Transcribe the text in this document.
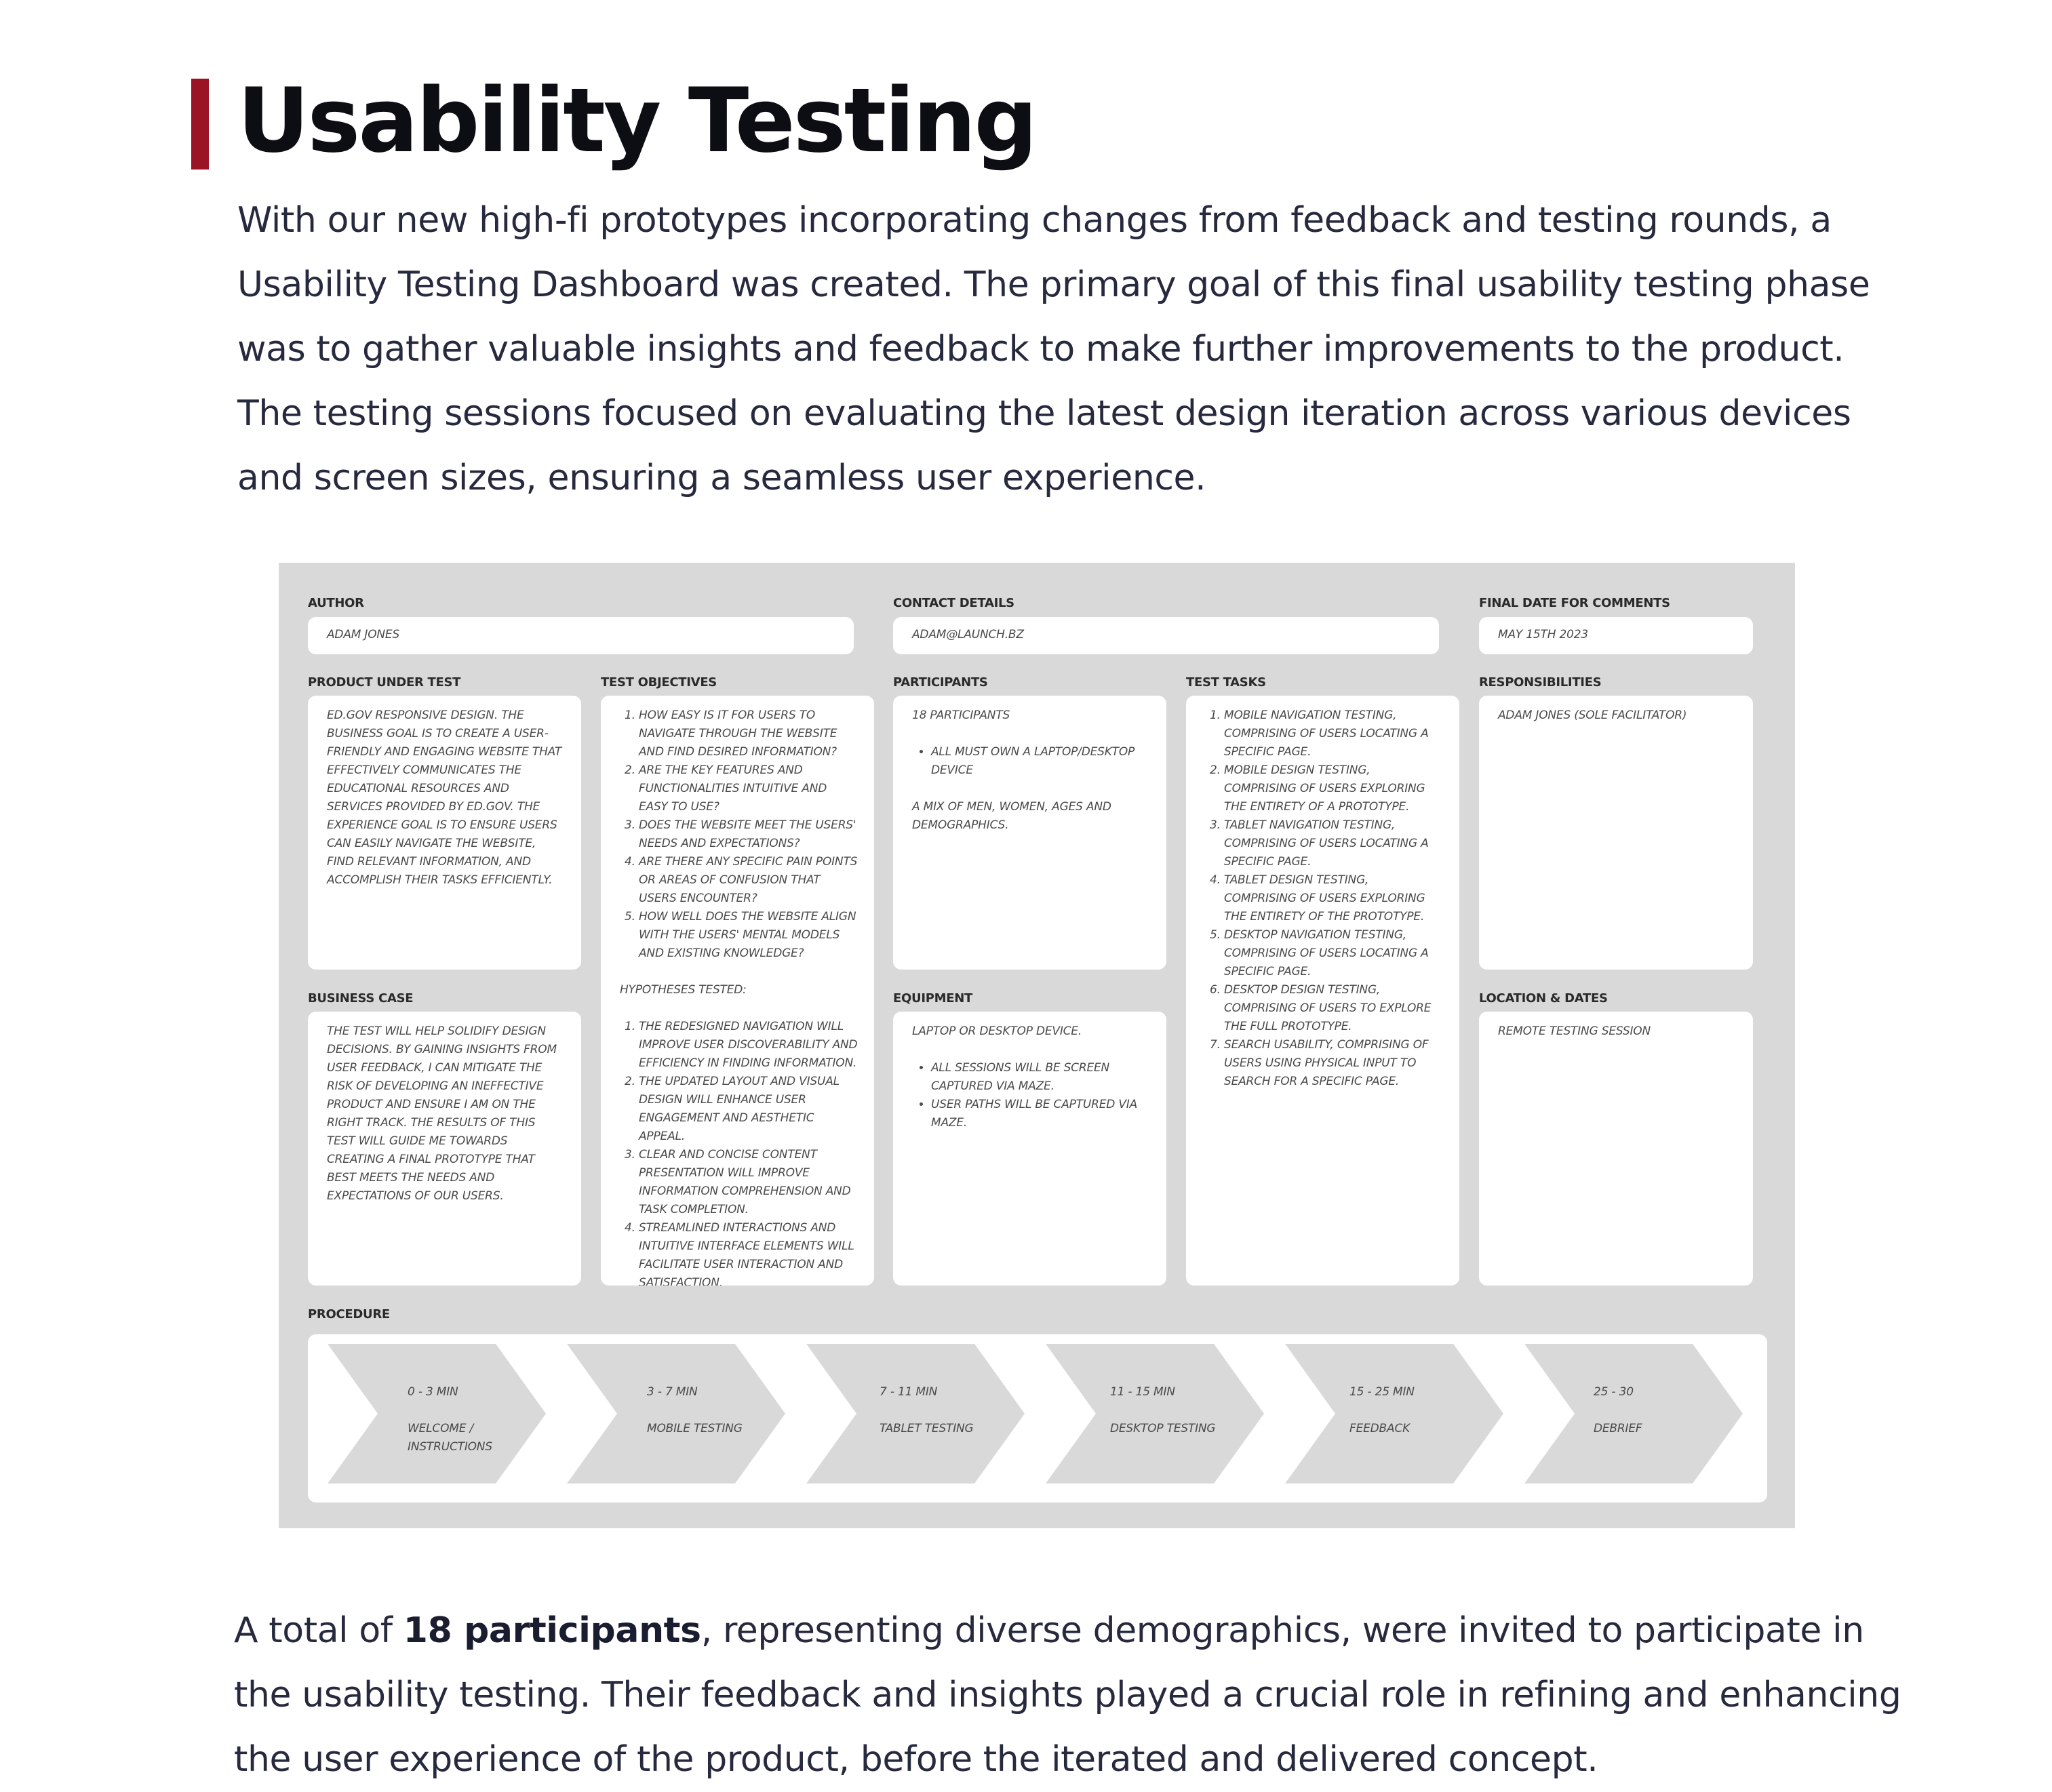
Usability Testing

With our new high-fi prototypes incorporating changes from feedback and testing rounds, a Usability Testing Dashboard was created. The primary goal of this final usability testing phase was to gather valuable insights and feedback to make further improvements to the product. The testing sessions focused on evaluating the latest design iteration across various devices and screen sizes, ensuring a seamless user experience.

AUTHOR

ADAM JONES

CONTACT DETAILS

ADAM@LAUNCH.BZ

FINAL DATE FOR COMMENTS

MAY 15TH 2023

PRODUCT UNDER TEST

ED.GOV RESPONSIVE DESIGN. THE BUSINESS GOAL IS TO CREATE A USER-FRIENDLY AND ENGAGING WEBSITE THAT EFFECTIVELY COMMUNICATES THE EDUCATIONAL RESOURCES AND SERVICES PROVIDED BY ED.GOV. THE EXPERIENCE GOAL IS TO ENSURE USERS CAN EASILY NAVIGATE THE WEBSITE, FIND RELEVANT INFORMATION, AND ACCOMPLISH THEIR TASKS EFFICIENTLY.

BUSINESS CASE

THE TEST WILL HELP SOLIDIFY DESIGN DECISIONS. BY GAINING INSIGHTS FROM USER FEEDBACK, I CAN MITIGATE THE RISK OF DEVELOPING AN INEFFECTIVE PRODUCT AND ENSURE I AM ON THE RIGHT TRACK. THE RESULTS OF THIS TEST WILL GUIDE ME TOWARDS CREATING A FINAL PROTOTYPE THAT BEST MEETS THE NEEDS AND EXPECTATIONS OF OUR USERS.

TEST OBJECTIVES
1. HOW EASY IS IT FOR USERS TO NAVIGATE THROUGH THE WEBSITE AND FIND DESIRED INFORMATION?
2. ARE THE KEY FEATURES AND FUNCTIONALITIES INTUITIVE AND EASY TO USE?
3. DOES THE WEBSITE MEET THE USERS' NEEDS AND EXPECTATIONS?
4. ARE THERE ANY SPECIFIC PAIN POINTS OR AREAS OF CONFUSION THAT USERS ENCOUNTER?
5. HOW WELL DOES THE WEBSITE ALIGN WITH THE USERS' MENTAL MODELS AND EXISTING KNOWLEDGE?

HYPOTHESES TESTED:

1. THE REDESIGNED NAVIGATION WILL IMPROVE USER DISCOVERABILITY AND EFFICIENCY IN FINDING INFORMATION.
2. THE UPDATED LAYOUT AND VISUAL DESIGN WILL ENHANCE USER ENGAGEMENT AND AESTHETIC APPEAL.
3. CLEAR AND CONCISE CONTENT PRESENTATION WILL IMPROVE INFORMATION COMPREHENSION AND TASK COMPLETION.
4. STREAMLINED INTERACTIONS AND INTUITIVE INTERFACE ELEMENTS WILL FACILITATE USER INTERACTION AND SATISFACTION.
PARTICIPANTS

18 PARTICIPANTS

• ALL MUST OWN A LAPTOP/DESKTOP DEVICE

A MIX OF MEN, WOMEN, AGES AND DEMOGRAPHICS.

EQUIPMENT

LAPTOP OR DESKTOP DEVICE.

• ALL SESSIONS WILL BE SCREEN CAPTURED VIA MAZE.
• USER PATHS WILL BE CAPTURED VIA MAZE.
TEST TASKS
1. MOBILE NAVIGATION TESTING, COMPRISING OF USERS LOCATING A SPECIFIC PAGE.
2. MOBILE DESIGN TESTING, COMPRISING OF USERS EXPLORING THE ENTIRETY OF A PROTOTYPE.
3. TABLET NAVIGATION TESTING, COMPRISING OF USERS LOCATING A SPECIFIC PAGE.
4. TABLET DESIGN TESTING, COMPRISING OF USERS EXPLORING THE ENTIRETY OF THE PROTOTYPE.
5. DESKTOP NAVIGATION TESTING, COMPRISING OF USERS LOCATING A SPECIFIC PAGE.
6. DESKTOP DESIGN TESTING, COMPRISING OF USERS TO EXPLORE THE FULL PROTOTYPE.
7. SEARCH USABILITY, COMPRISING OF USERS USING PHYSICAL INPUT TO SEARCH FOR A SPECIFIC PAGE.
RESPONSIBILITIES

ADAM JONES (SOLE FACILITATOR)

LOCATION & DATES

REMOTE TESTING SESSION

PROCEDURE
0 - 3 MIN
WELCOME / INSTRUCTIONS
3 - 7 MIN
MOBILE TESTING
7 - 11 MIN
TABLET TESTING
11 - 15 MIN
DESKTOP TESTING
15 - 25 MIN
FEEDBACK
25 - 30
DEBRIEF

A total of 18 participants, representing diverse demographics, were invited to participate in the usability testing. Their feedback and insights played a crucial role in refining and enhancing the user experience of the product, before the iterated and delivered concept.
